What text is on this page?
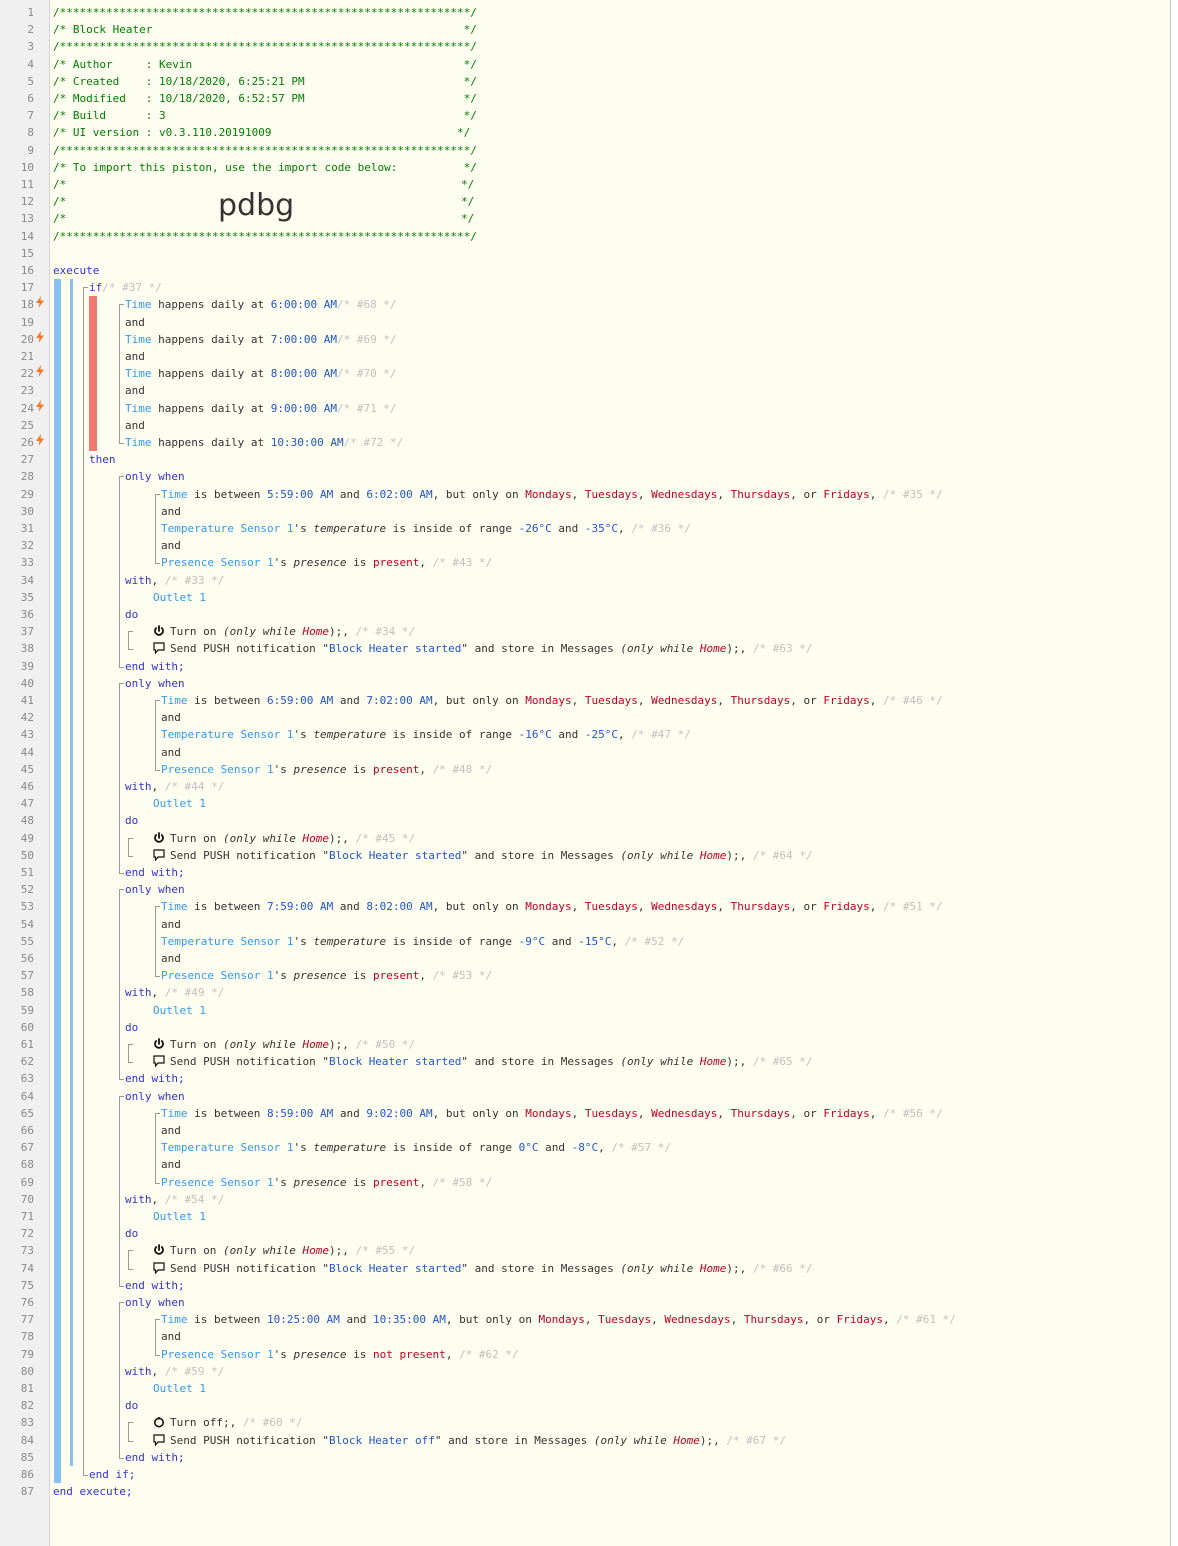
1
2
3
4
5
6
7
8
9
10
11
12
13
14
15
16
17
18
19
20
21
22
23
24
25
26
27
28
29
30
31
32
33
34
35
36
37
38
39
40
41
42
43
44
45
46
47
48
49
50
51
52
53
54
55
56
57
58
59
60
61
62
63
64
65
66
67
68
69
70
71
72
73
74
75
76
77
78
79
80
81
82
83
84
85
86
87
/**************************************************************/
/* Block Heater                                               */
/**************************************************************/
/* Author     : Kevin                                         */
/* Created    : 10/18/2020, 6:25:21 PM                        */
/* Modified   : 10/18/2020, 6:52:57 PM                        */
/* Build      : 3                                             */
/* UI version : v0.3.110.20191009                            */
/**************************************************************/
/* To import this piston, use the import code below:          */
/*	*/
/*	*/
/*	*/
pdbg
/**************************************************************/
execute
if/* #37 */
Time happens daily at 6:00:00 AM/* #68 */
and
Time happens daily at 7:00:00 AM/* #69 */
and
Time happens daily at 8:00:00 AM/* #70 */
and
Time happens daily at 9:00:00 AM/* #71 */
and
Time happens daily at 10:30:00 AM/* #72 */
then
only when
Time is between 5:59:00 AM and 6:02:00 AM, but only on Mondays, Tuesdays, Wednesdays, Thursdays, or Fridays, /* #35 */
and
Temperature Sensor 1's temperature is inside of range -26°C and -35°C, /* #36 */
and
Presence Sensor 1's presence is present, /* #43 */
with, /* #33 */
Outlet 1
do
Turn on (only while Home);, /* #34 */
Send PUSH notification "Block Heater started" and store in Messages (only while Home);, /* #63 */
end with;
only when
Time is between 6:59:00 AM and 7:02:00 AM, but only on Mondays, Tuesdays, Wednesdays, Thursdays, or Fridays, /* #46 */
and
Temperature Sensor 1's temperature is inside of range -16°C and -25°C, /* #47 */
and
Presence Sensor 1's presence is present, /* #48 */
with, /* #44 */
Outlet 1
do
Turn on (only while Home);, /* #45 */
Send PUSH notification "Block Heater started" and store in Messages (only while Home);, /* #64 */
end with;
only when
Time is between 7:59:00 AM and 8:02:00 AM, but only on Mondays, Tuesdays, Wednesdays, Thursdays, or Fridays, /* #51 */
and
Temperature Sensor 1's temperature is inside of range -9°C and -15°C, /* #52 */
and
Presence Sensor 1's presence is present, /* #53 */
with, /* #49 */
Outlet 1
do
Turn on (only while Home);, /* #50 */
Send PUSH notification "Block Heater started" and store in Messages (only while Home);, /* #65 */
end with;
only when
Time is between 8:59:00 AM and 9:02:00 AM, but only on Mondays, Tuesdays, Wednesdays, Thursdays, or Fridays, /* #56 */
and
Temperature Sensor 1's temperature is inside of range 0°C and -8°C, /* #57 */
and
Presence Sensor 1's presence is present, /* #58 */
with, /* #54 */
Outlet 1
do
Turn on (only while Home);, /* #55 */
Send PUSH notification "Block Heater started" and store in Messages (only while Home);, /* #66 */
end with;
only when
Time is between 10:25:00 AM and 10:35:00 AM, but only on Mondays, Tuesdays, Wednesdays, Thursdays, or Fridays, /* #61 */
and
Presence Sensor 1's presence is not present, /* #62 */
with, /* #59 */
Outlet 1
do
Turn off;, /* #60 */
Send PUSH notification "Block Heater off" and store in Messages (only while Home);, /* #67 */
end with;
end if;
end execute;
